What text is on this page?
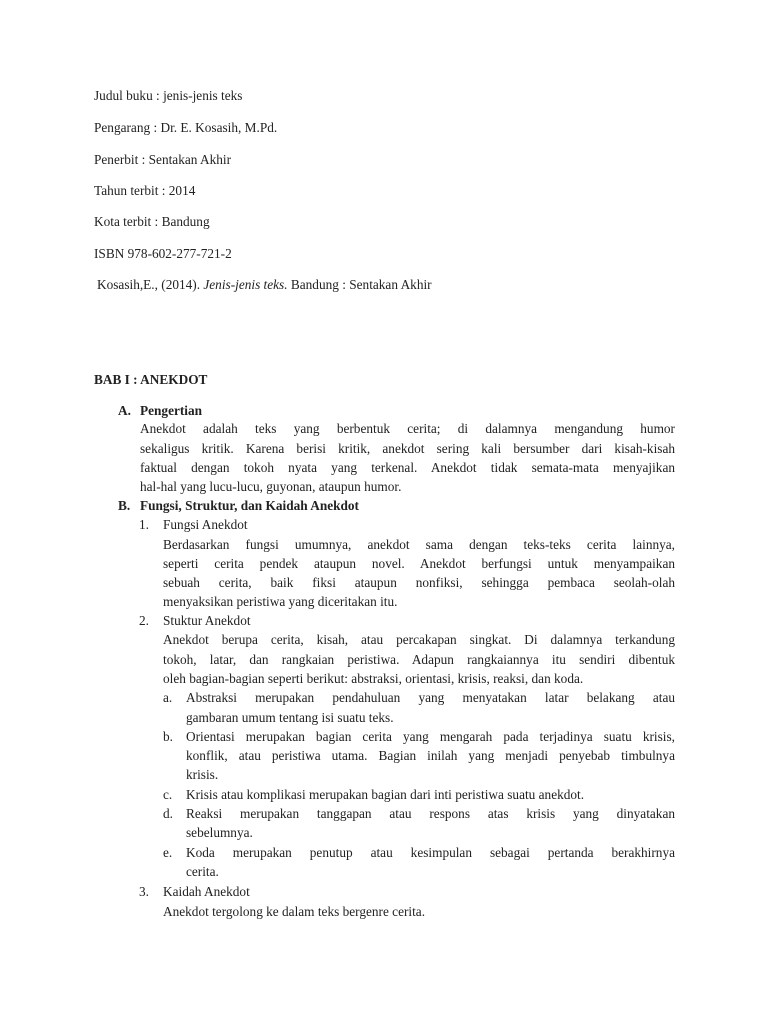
Judul buku : jenis-jenis teks
Pengarang : Dr. E. Kosasih, M.Pd.
Penerbit : Sentakan Akhir
Tahun terbit : 2014
Kota terbit : Bandung
ISBN 978-602-277-721-2
Kosasih,E., (2014). Jenis-jenis teks. Bandung : Sentakan Akhir
BAB I : ANEKDOT
A. Pengertian
Anekdot adalah teks yang berbentuk cerita; di dalamnya mengandung humor
sekaligus kritik. Karena berisi kritik, anekdot sering kali bersumber dari kisah-kisah
faktual dengan tokoh nyata yang terkenal. Anekdot tidak semata-mata menyajikan
hal-hal yang lucu-lucu, guyonan, ataupun humor.
B. Fungsi, Struktur, dan Kaidah Anekdot
1. Fungsi Anekdot
Berdasarkan fungsi umumnya, anekdot sama dengan teks-teks cerita lainnya,
seperti cerita pendek ataupun novel. Anekdot berfungsi untuk menyampaikan
sebuah cerita, baik fiksi ataupun nonfiksi, sehingga pembaca seolah-olah
menyaksikan peristiwa yang diceritakan itu.
2. Stuktur Anekdot
Anekdot berupa cerita, kisah, atau percakapan singkat. Di dalamnya terkandung
tokoh, latar, dan rangkaian peristiwa. Adapun rangkaiannya itu sendiri dibentuk
oleh bagian-bagian seperti berikut: abstraksi, orientasi, krisis, reaksi, dan koda.
a. Abstraksi merupakan pendahuluan yang menyatakan latar belakang atau
gambaran umum tentang isi suatu teks.
b. Orientasi merupakan bagian cerita yang mengarah pada terjadinya suatu krisis,
konflik, atau peristiwa utama. Bagian inilah yang menjadi penyebab timbulnya
krisis.
c. Krisis atau komplikasi merupakan bagian dari inti peristiwa suatu anekdot.
d. Reaksi merupakan tanggapan atau respons atas krisis yang dinyatakan
sebelumnya.
e. Koda merupakan penutup atau kesimpulan sebagai pertanda berakhirnya
cerita.
3. Kaidah Anekdot
Anekdot tergolong ke dalam teks bergenre cerita.
